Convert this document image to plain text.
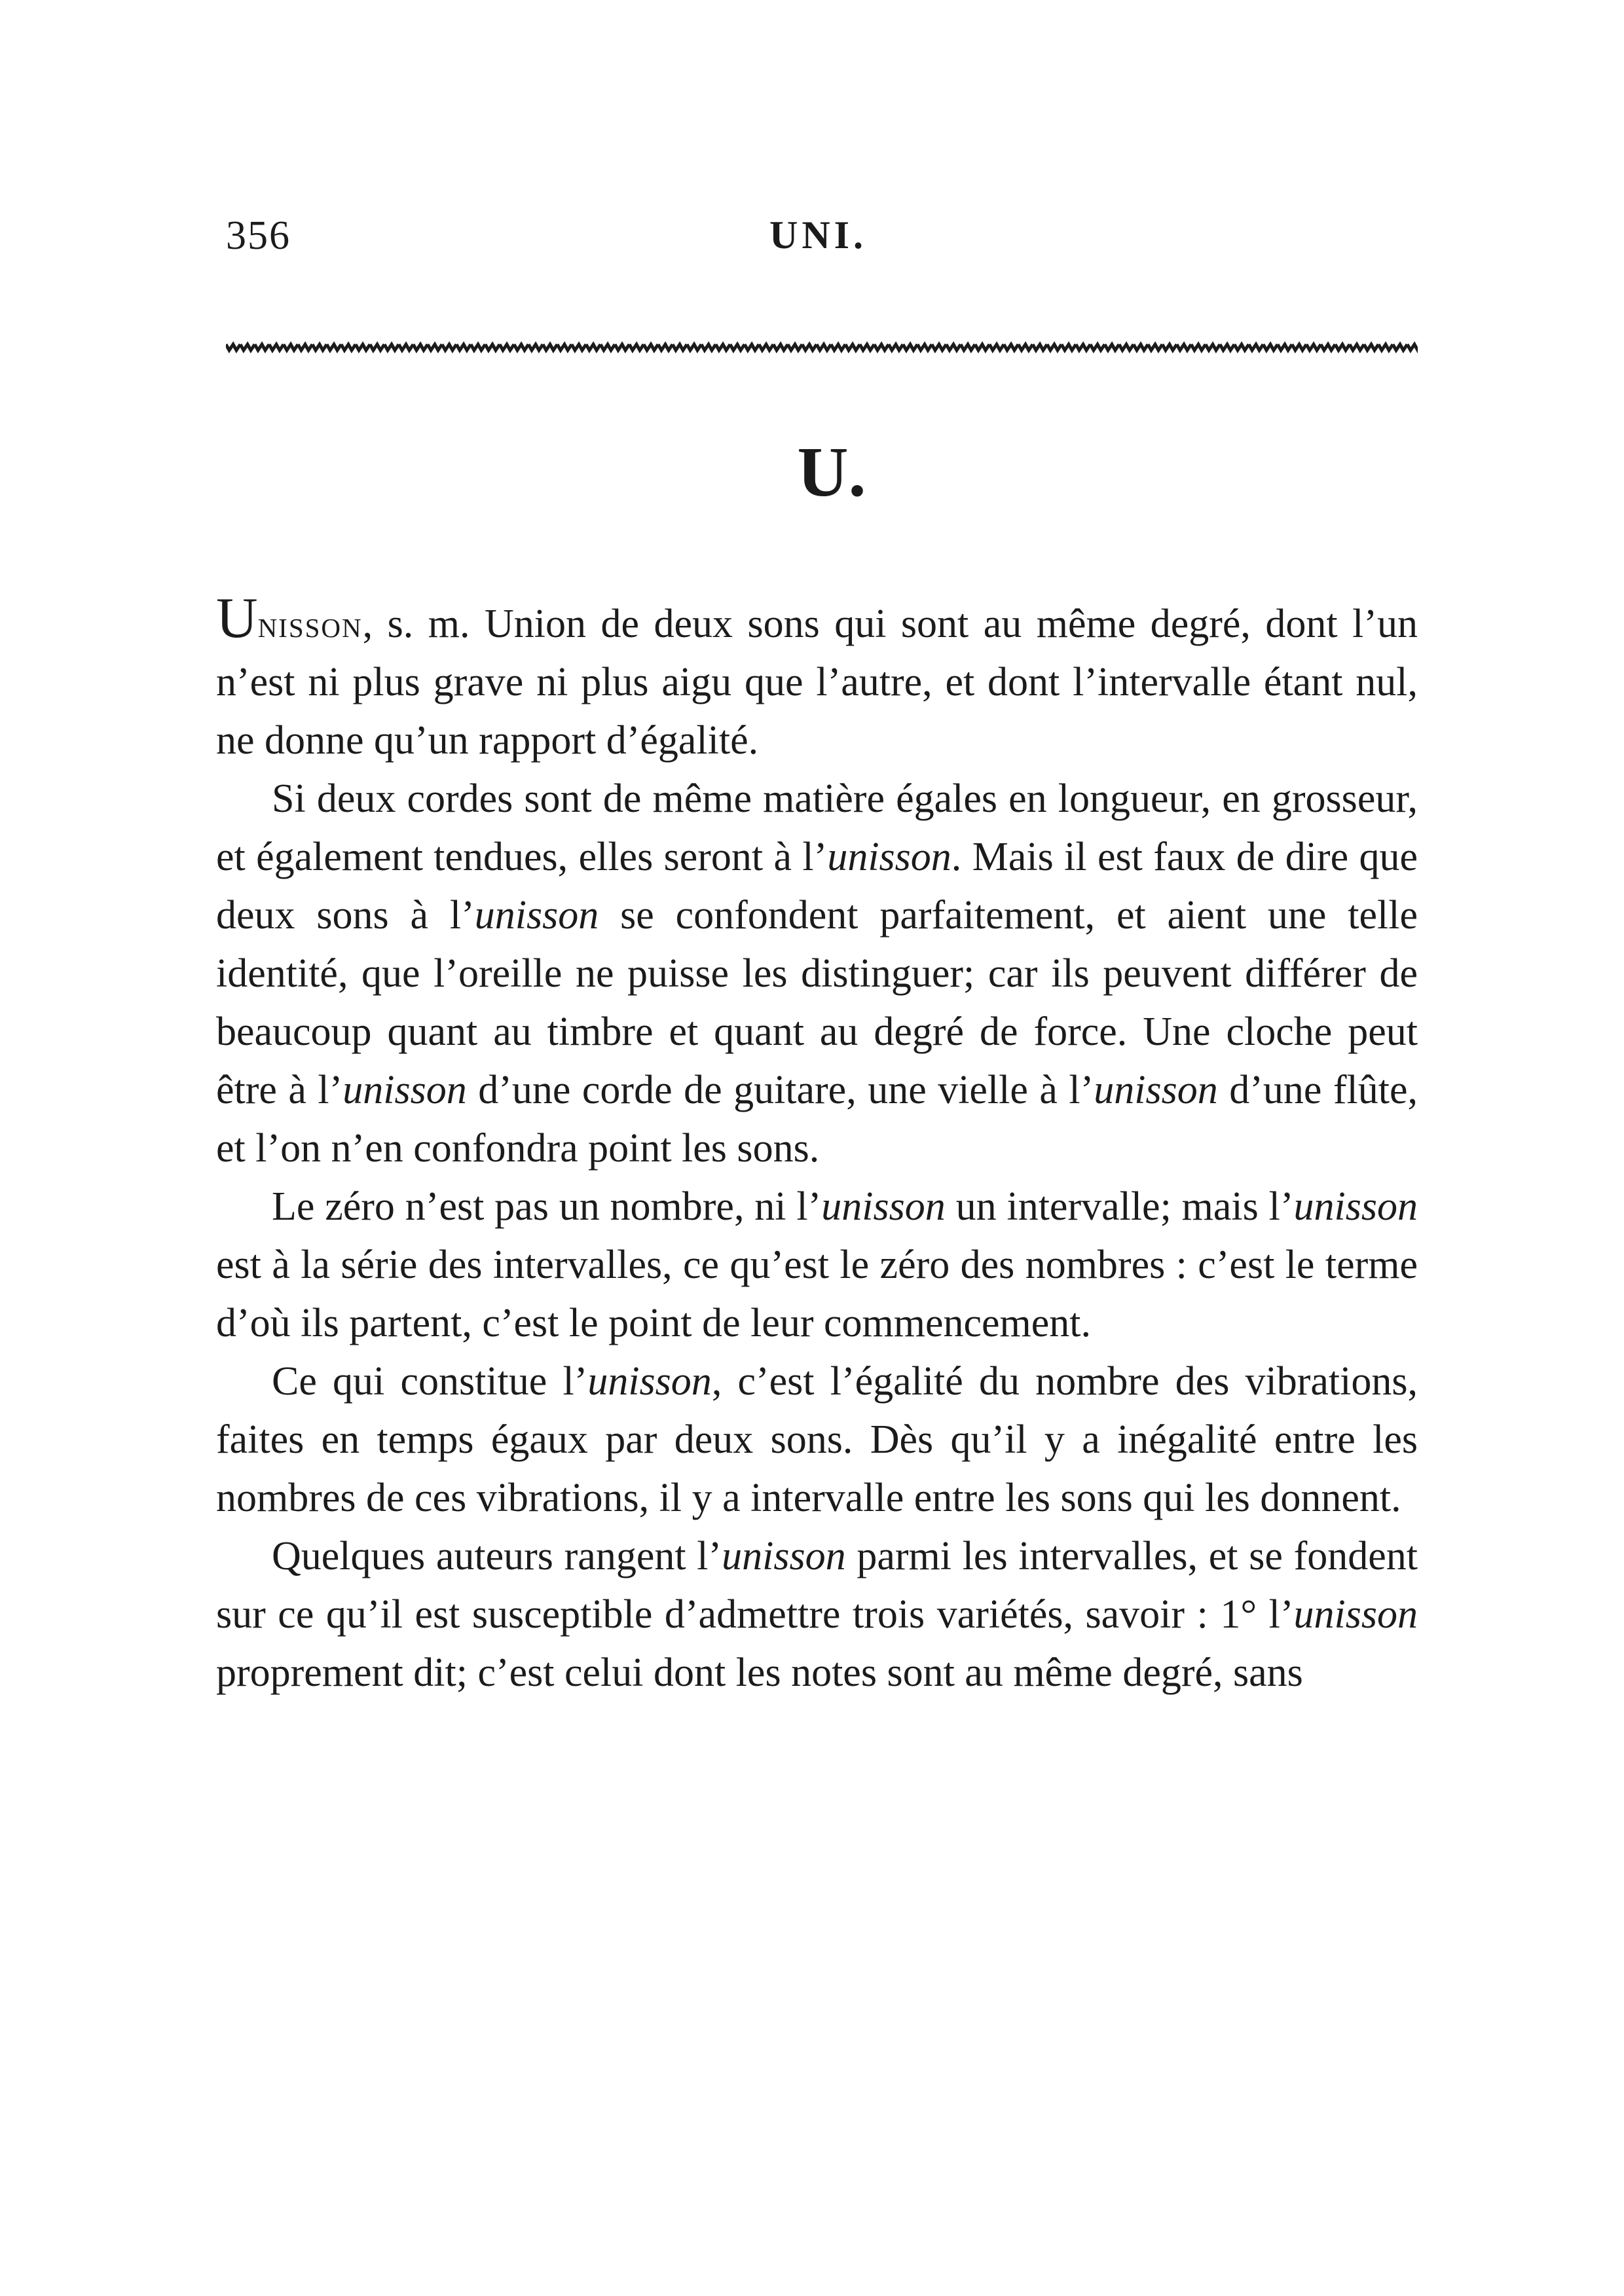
356	UNI.
U.

Unisson, s. m. Union de deux sons qui sont au même degré, dont l’un n’est ni plus grave ni plus aigu que l’autre, et dont l’intervalle étant nul, ne donne qu’un rapport d’égalité.

Si deux cordes sont de même matière égales en longueur, en grosseur, et également tendues, elles seront à l’unisson. Mais il est faux de dire que deux sons à l’unisson se confondent parfaitement, et aient une telle identité, que l’oreille ne puisse les distinguer; car ils peuvent différer de beaucoup quant au timbre et quant au degré de force. Une cloche peut être à l’unisson d’une corde de guitare, une vielle à l’unisson d’une flûte, et l’on n’en confondra point les sons.

Le zéro n’est pas un nombre, ni l’unisson un intervalle; mais l’unisson est à la série des intervalles, ce qu’est le zéro des nombres : c’est le terme d’où ils partent, c’est le point de leur commencement.

Ce qui constitue l’unisson, c’est l’égalité du nombre des vibrations, faites en temps égaux par deux sons. Dès qu’il y a inégalité entre les nombres de ces vibrations, il y a intervalle entre les sons qui les donnent.

Quelques auteurs rangent l’unisson parmi les intervalles, et se fondent sur ce qu’il est susceptible d’admettre trois variétés, savoir : 1° l’unisson proprement dit; c’est celui dont les notes sont au même degré, sans
